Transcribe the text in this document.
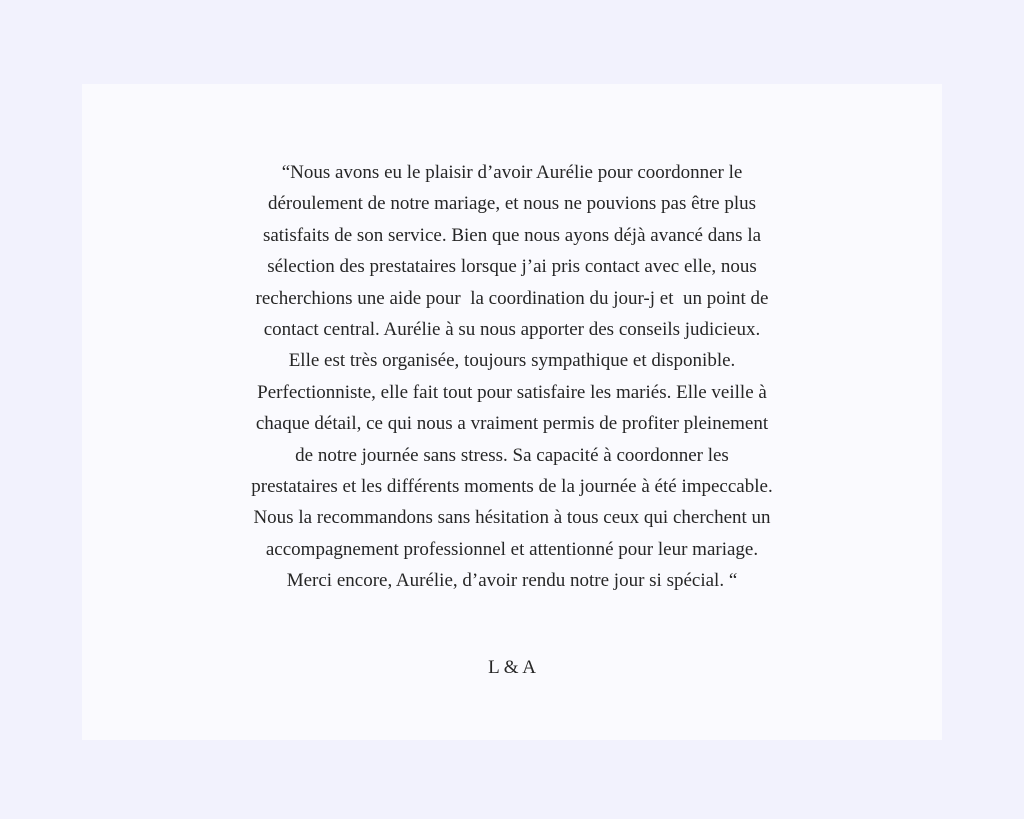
“Nous avons eu le plaisir d’avoir Aurélie pour coordonner le
déroulement de notre mariage, et nous ne pouvions pas être plus
satisfaits de son service. Bien que nous ayons déjà avancé dans la
sélection des prestataires lorsque j’ai pris contact avec elle, nous
recherchions une aide pour  la coordination du jour-j et  un point de
contact central. Aurélie à su nous apporter des conseils judicieux.
Elle est très organisée, toujours sympathique et disponible.
Perfectionniste, elle fait tout pour satisfaire les mariés. Elle veille à
chaque détail, ce qui nous a vraiment permis de profiter pleinement
de notre journée sans stress. Sa capacité à coordonner les
prestataires et les différents moments de la journée à été impeccable.
Nous la recommandons sans hésitation à tous ceux qui cherchent un
accompagnement professionnel et attentionné pour leur mariage.
Merci encore, Aurélie, d’avoir rendu notre jour si spécial. “

L & A
